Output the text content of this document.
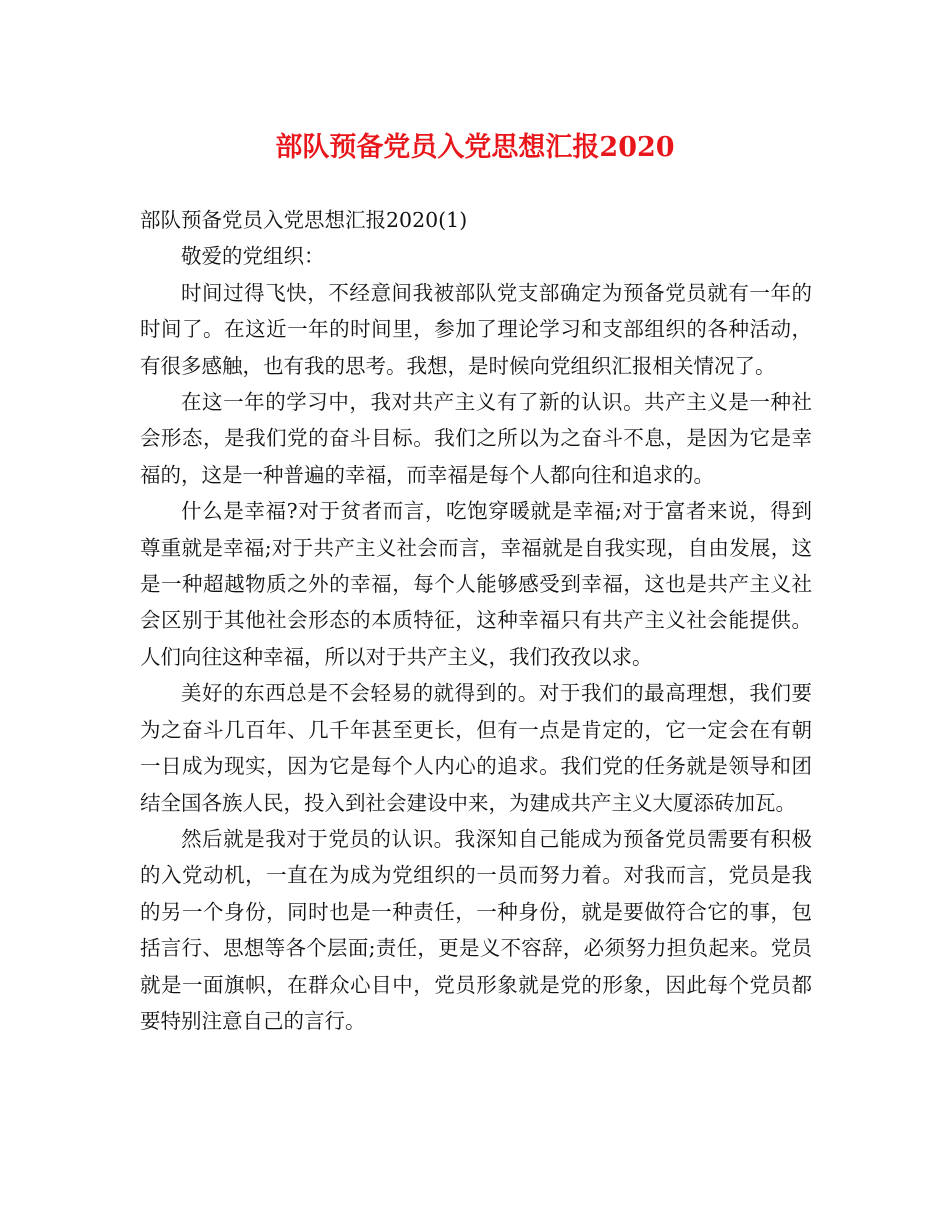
部队预备党员入党思想汇报2020

部队预备党员入党思想汇报2020(1)

敬爱的党组织：

时间过得飞快，不经意间我被部队党支部确定为预备党员就有一年的时间了。在这近一年的时间里，参加了理论学习和支部组织的各种活动，有很多感触，也有我的思考。我想，是时候向党组织汇报相关情况了。

在这一年的学习中，我对共产主义有了新的认识。共产主义是一种社会形态，是我们党的奋斗目标。我们之所以为之奋斗不息，是因为它是幸福的，这是一种普遍的幸福，而幸福是每个人都向往和追求的。

什么是幸福?对于贫者而言，吃饱穿暖就是幸福;对于富者来说，得到尊重就是幸福;对于共产主义社会而言，幸福就是自我实现，自由发展，这是一种超越物质之外的幸福，每个人能够感受到幸福，这也是共产主义社会区别于其他社会形态的本质特征，这种幸福只有共产主义社会能提供。人们向往这种幸福，所以对于共产主义，我们孜孜以求。

美好的东西总是不会轻易的就得到的。对于我们的最高理想，我们要为之奋斗几百年、几千年甚至更长，但有一点是肯定的，它一定会在有朝一日成为现实，因为它是每个人内心的追求。我们党的任务就是领导和团结全国各族人民，投入到社会建设中来，为建成共产主义大厦添砖加瓦。

然后就是我对于党员的认识。我深知自己能成为预备党员需要有积极的入党动机，一直在为成为党组织的一员而努力着。对我而言，党员是我的另一个身份，同时也是一种责任，一种身份，就是要做符合它的事，包括言行、思想等各个层面;责任，更是义不容辞，必须努力担负起来。党员就是一面旗帜，在群众心目中，党员形象就是党的形象，因此每个党员都要特别注意自己的言行。
